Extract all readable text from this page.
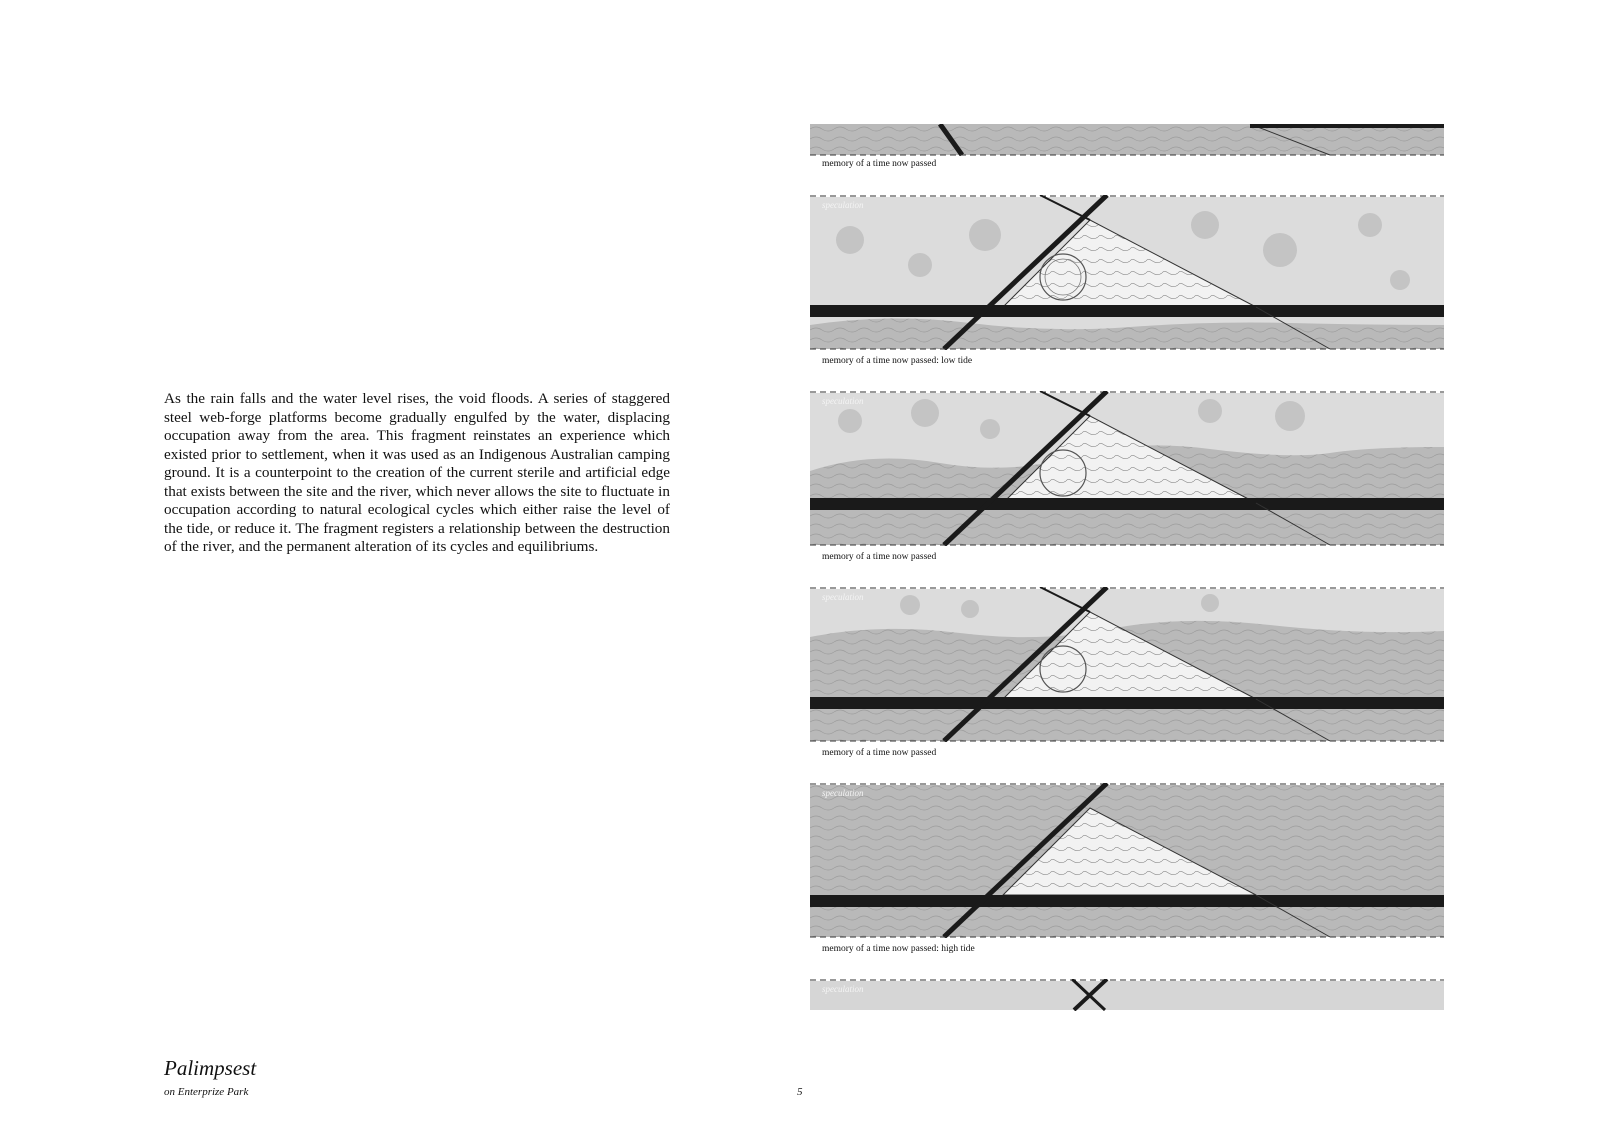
As the rain falls and the water level rises, the void floods. A series of staggered steel web-forge platforms become gradually engulfed by the water, displacing occupation away from the area. This fragment reinstates an experience which existed prior to settlement, when it was used as an Indigenous Australian camping ground. It is a counterpoint to the creation of the current sterile and artificial edge that exists between the site and the river, which never allows the site to fluctuate in occupation according to natural ecological cycles which either raise the level of the tide, or reduce it. The fragment registers a relationship between the destruction of the river, and the permanent alteration of its cycles and equilibriums.

memory of a time now passed

speculation

memory of a time now passed: low tide

speculation

memory of a time now passed

speculation

memory of a time now passed

speculation

memory of a time now passed: high tide

speculation
Palimpsest

on Enterprize Park	5
